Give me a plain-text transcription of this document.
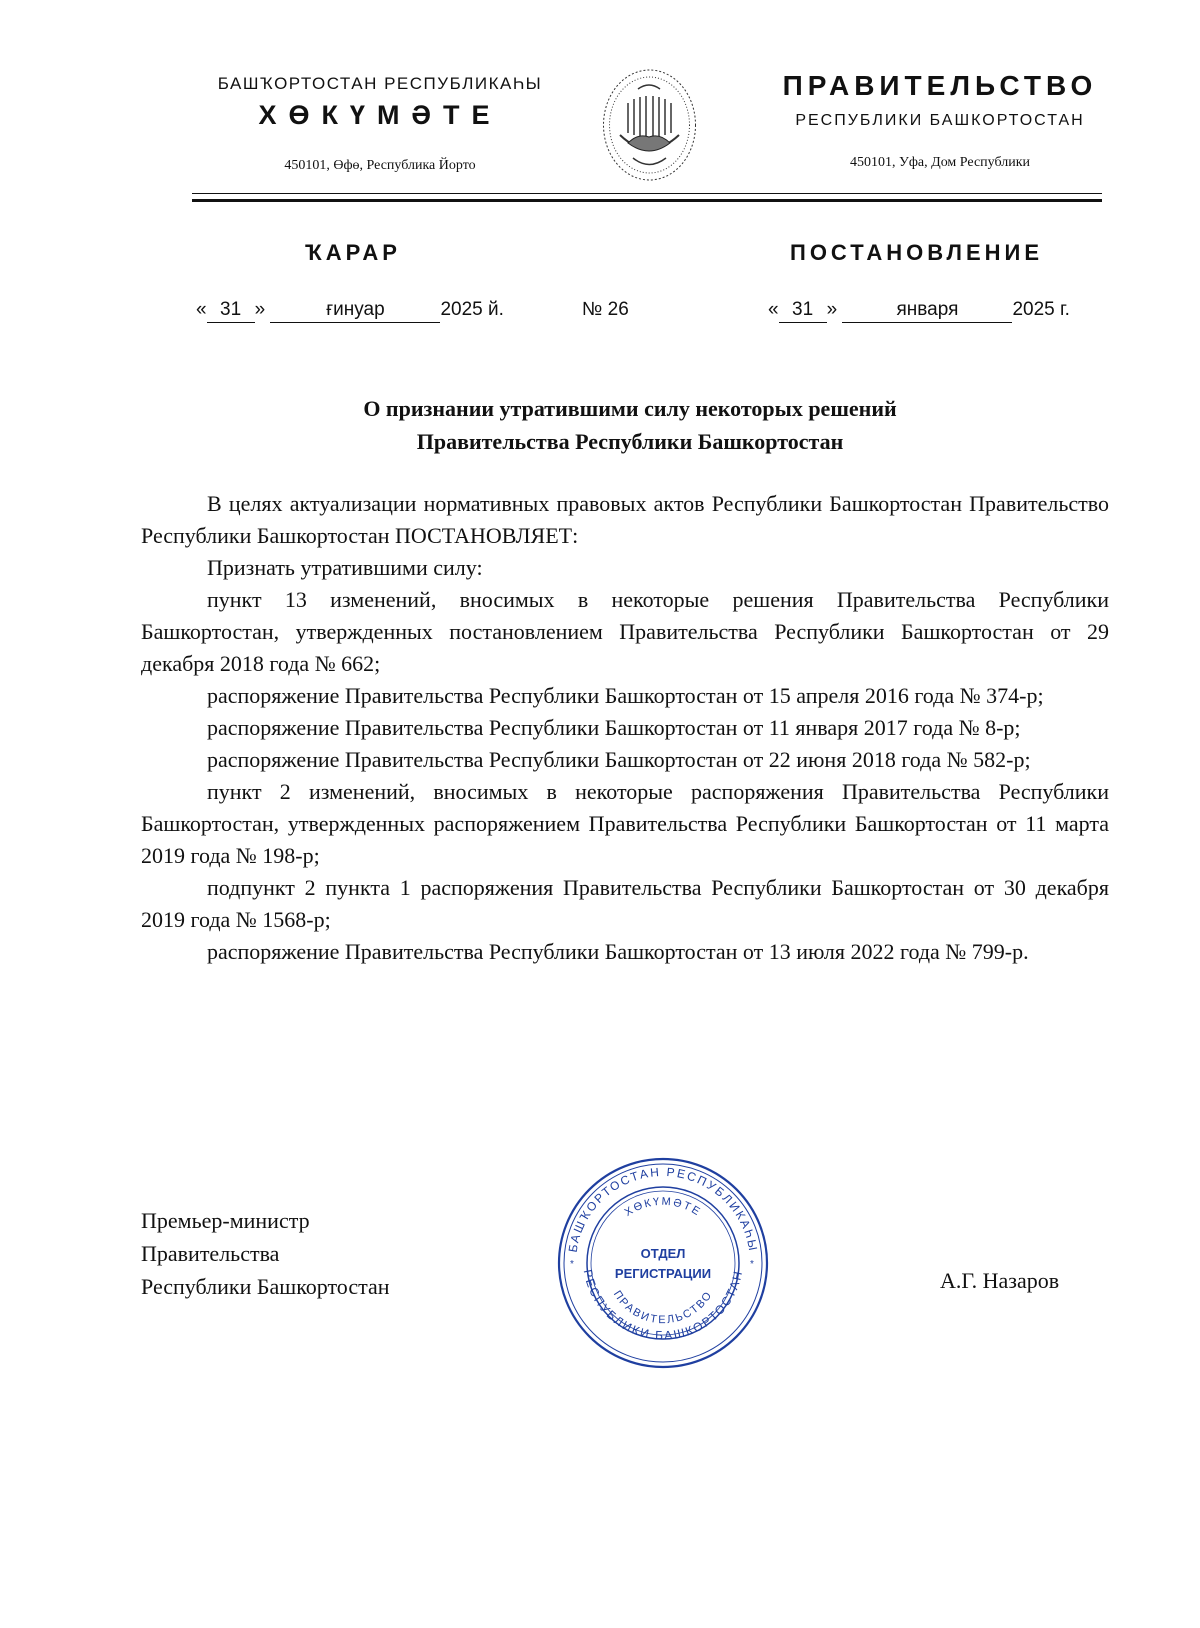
БАШҠОРТОСТАН РЕСПУБЛИКАҺЫ
ХӨКҮМӘТЕ
450101, Өфө, Республика Йорто
ПРАВИТЕЛЬСТВО
РЕСПУБЛИКИ БАШКОРТОСТАН
450101, Уфа, Дом Республики
ҠАРАР	ПОСТАНОВЛЕНИЕ
« 31 »	ғинуар	2025 й.	№ 26	« 31 »	января	2025 г.
О признании утратившими силу некоторых решений
Правительства Республики Башкортостан

В целях актуализации нормативных правовых актов Республики Башкортостан Правительство Республики Башкортостан ПОСТАНОВЛЯЕТ:

Признать утратившими силу:

пункт 13 изменений, вносимых в некоторые решения Правительства Республики Башкортостан, утвержденных постановлением Правительства Республики Башкортостан от 29 декабря 2018 года № 662;

распоряжение Правительства Республики Башкортостан от 15 апреля 2016 года № 374-р;

распоряжение Правительства Республики Башкортостан от 11 января 2017 года № 8-р;

распоряжение Правительства Республики Башкортостан от 22 июня 2018 года № 582-р;

пункт 2 изменений, вносимых в некоторые распоряжения Правительства Республики Башкортостан, утвержденных распоряжением Правительства Республики Башкортостан от 11 марта 2019 года № 198-р;

подпункт 2 пункта 1 распоряжения Правительства Республики Башкортостан от 30 декабря 2019 года № 1568-р;

распоряжение Правительства Республики Башкортостан от 13 июля 2022 года № 799-р.

Премьер-министр
Правительства
Республики Башкортостан	А.Г. Назаров
БАШҠОРТОСТАН РЕСПУБЛИКАҺЫ
ХӨКҮМӘТЕ
ПРАВИТЕЛЬСТВО
РЕСПУБЛИКИ БАШКОРТОСТАН
ОТДЕЛ
РЕГИСТРАЦИИ
*	*
